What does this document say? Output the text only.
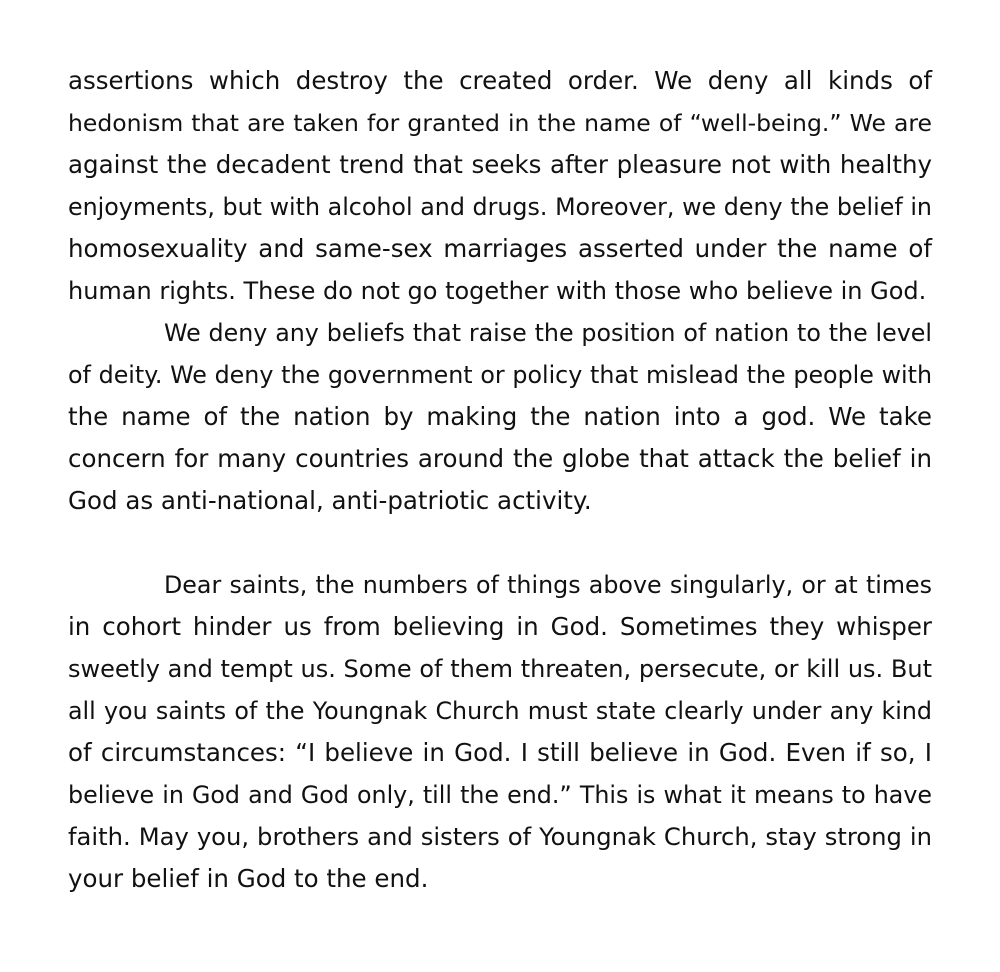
assertions which destroy the created order. We deny all kinds of
hedonism that are taken for granted in the name of “well-being.” We are
against the decadent trend that seeks after pleasure not with healthy
enjoyments, but with alcohol and drugs. Moreover, we deny the belief in
homosexuality and same-sex marriages asserted under the name of
human rights. These do not go together with those who believe in God.
We deny any beliefs that raise the position of nation to the level
of deity. We deny the government or policy that mislead the people with
the name of the nation by making the nation into a god. We take
concern for many countries around the globe that attack the belief in
God as anti-national, anti-patriotic activity.
Dear saints, the numbers of things above singularly, or at times
in cohort hinder us from believing in God. Sometimes they whisper
sweetly and tempt us. Some of them threaten, persecute, or kill us. But
all you saints of the Youngnak Church must state clearly under any kind
of circumstances: “I believe in God. I still believe in God. Even if so, I
believe in God and God only, till the end.” This is what it means to have
faith. May you, brothers and sisters of Youngnak Church, stay strong in
your belief in God to the end.
